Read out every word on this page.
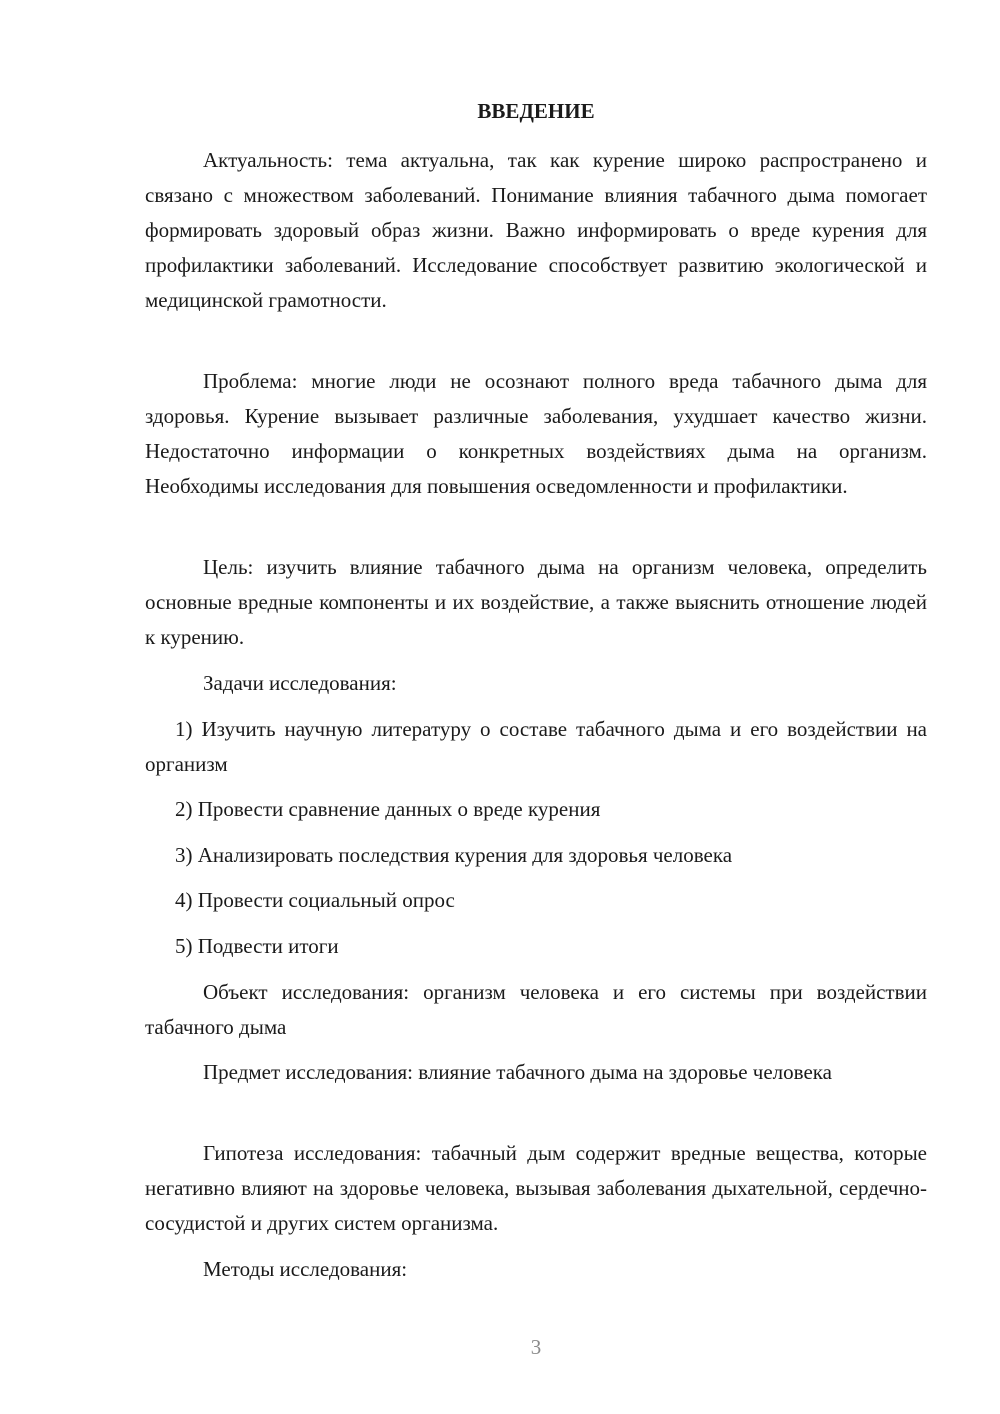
ВВЕДЕНИЕ

Актуальность: тема актуальна, так как курение широко распространено и связано с множеством заболеваний. Понимание влияния табачного дыма помогает формировать здоровый образ жизни. Важно информировать о вреде курения для профилактики заболеваний. Исследование способствует развитию экологической и медицинской грамотности.

Проблема: многие люди не осознают полного вреда табачного дыма для здоровья. Курение вызывает различные заболевания, ухудшает качество жизни. Недостаточно информации о конкретных воздействиях дыма на организм. Необходимы исследования для повышения осведомленности и профилактики.

Цель: изучить влияние табачного дыма на организм человека, определить основные вредные компоненты и их воздействие, а также выяснить отношение людей к курению.

Задачи исследования:

1) Изучить научную литературу о составе табачного дыма и его воздействии на организм

2) Провести сравнение данных о вреде курения

3) Анализировать последствия курения для здоровья человека

4) Провести социальный опрос

5) Подвести итоги

Объект исследования: организм человека и его системы при воздействии табачного дыма

Предмет исследования: влияние табачного дыма на здоровье человека

Гипотеза исследования: табачный дым содержит вредные вещества, которые негативно влияют на здоровье человека, вызывая заболевания дыхательной, сердечно-сосудистой и других систем организма.

Методы исследования:

3
